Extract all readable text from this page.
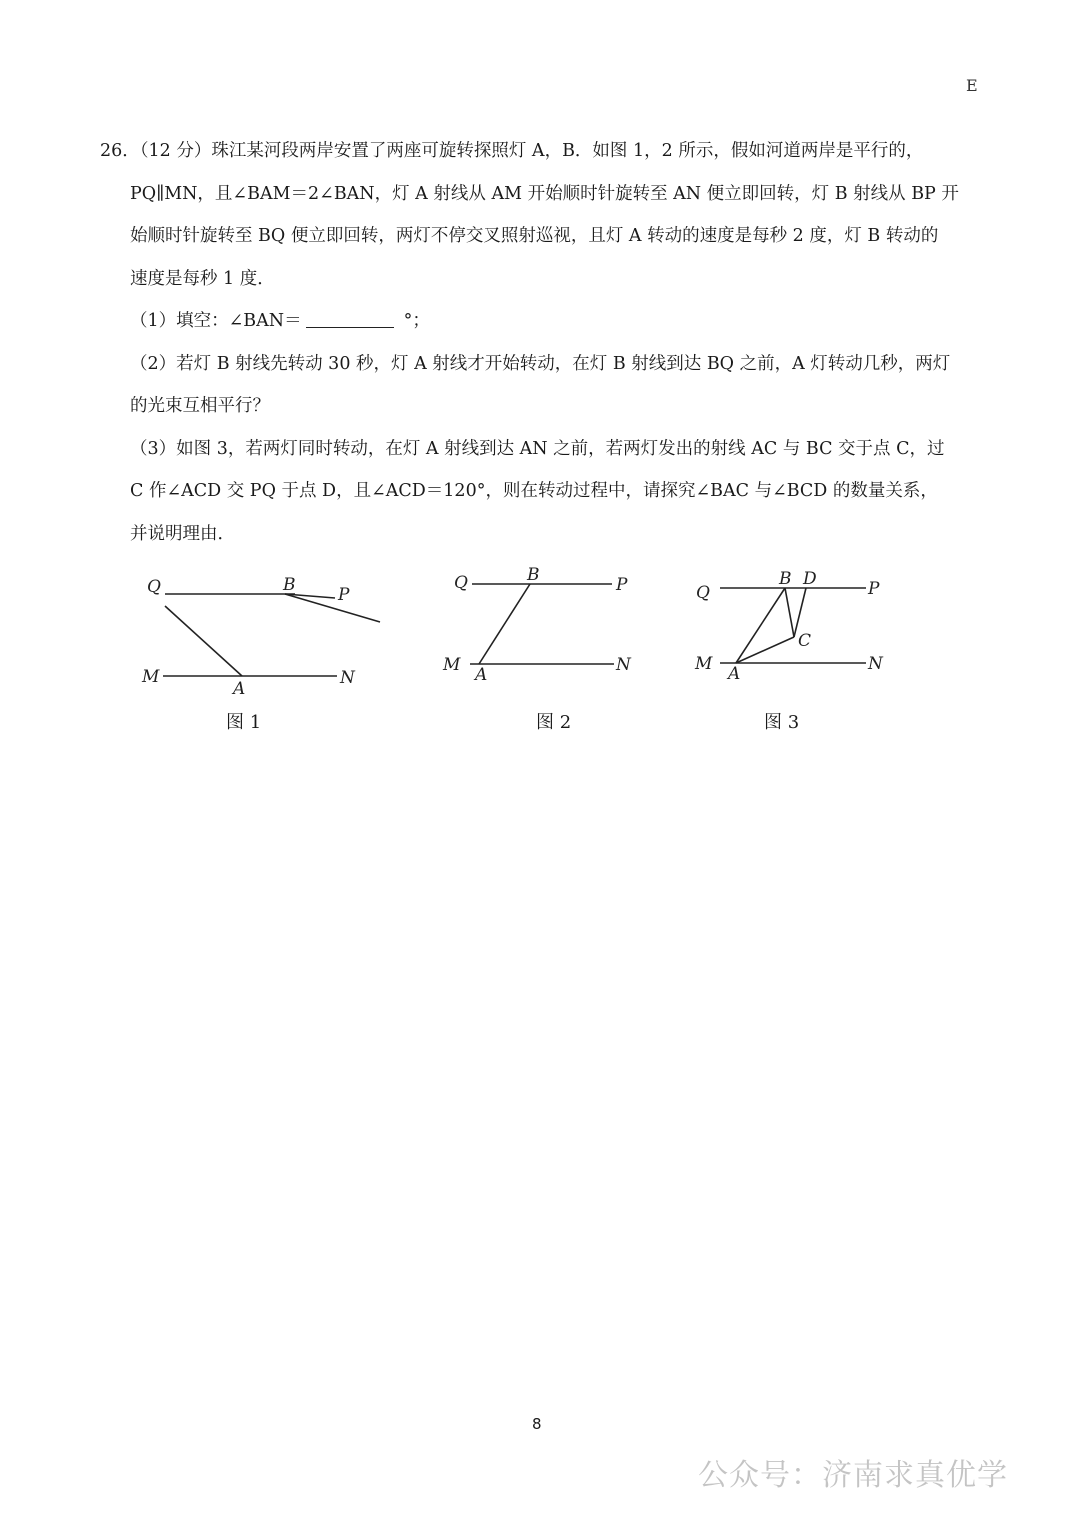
E

26．（12 分）珠江某河段两岸安置了两座可旋转探照灯 A，B．如图 1，2 所示，假如河道两岸是平行的，

PQ∥MN，且∠BAM＝2∠BAN，灯 A 射线从 AM 开始顺时针旋转至 AN 便立即回转，灯 B 射线从 BP 开

始顺时针旋转至 BQ 便立即回转，两灯不停交叉照射巡视，且灯 A 转动的速度是每秒 2 度，灯 B 转动的

速度是每秒 1 度．

（1）填空：∠BAN＝	°；

（2）若灯 B 射线先转动 30 秒，灯 A 射线才开始转动，在灯 B 射线到达 BQ 之前，A 灯转动几秒，两灯

的光束互相平行？

（3）如图 3，若两灯同时转动，在灯 A 射线到达 AN 之前，若两灯发出的射线 AC 与 BC 交于点 C，过

C 作∠ACD 交 PQ 于点 D，且∠ACD＝120°，则在转动过程中，请探究∠BAC 与∠BCD 的数量关系，

并说明理由．

Q	B	P
M
A
N
图 1
Q	B	P
M A	N
图 2
Q
B D	P
C
M A	N
图 3
8
公众号：济南求真优学
